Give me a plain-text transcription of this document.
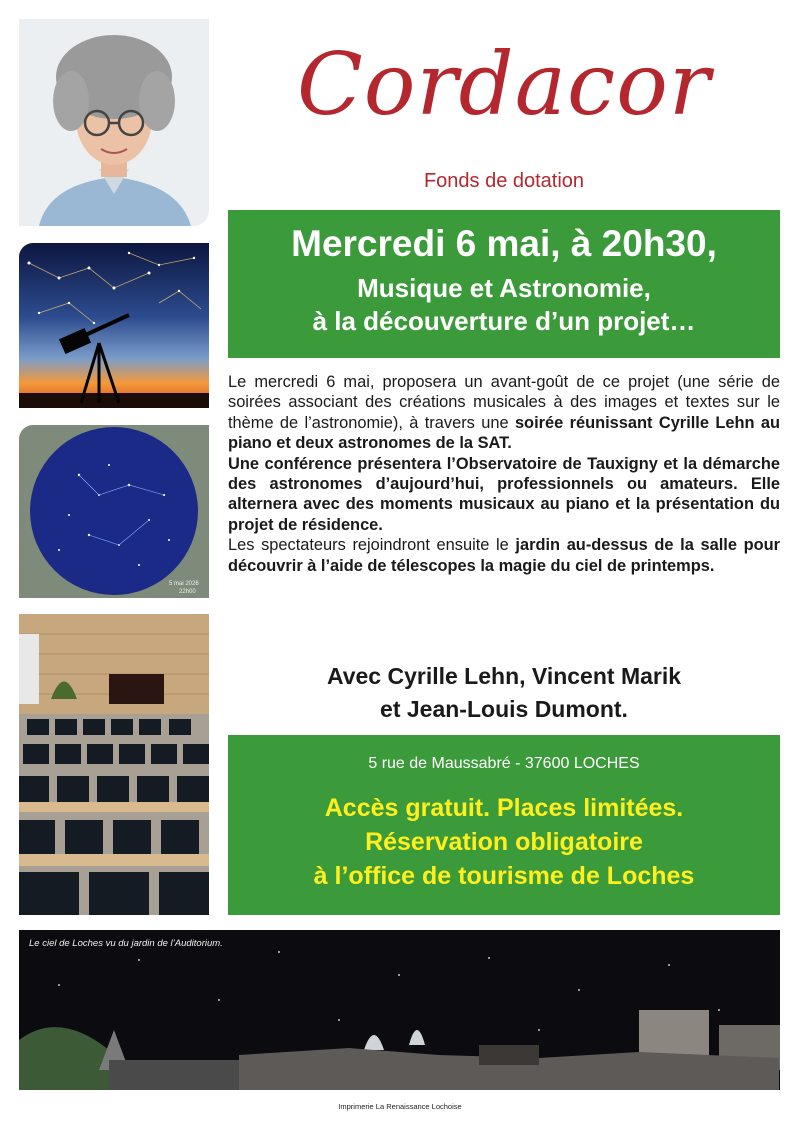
5 mai 2026
22h00
Cordacor
Fonds de dotation
Mercredi 6 mai, à 20h30,
Musique et Astronomie,
à la découverture d’un projet…

Le mercredi 6 mai, proposera un avant-goût de ce projet (une série de soirées associant des créations musicales à des images et textes sur le thème de l’astronomie), à travers une soirée réunissant Cyrille Lehn au piano et deux astronomes de la SAT.

Une conférence présentera l’Observatoire de Tauxigny et la démarche des astronomes d’aujourd’hui, professionnels ou amateurs. Elle alternera avec des moments musicaux au piano et la présentation du projet de résidence.

Les spectateurs rejoindront ensuite le jardin au-dessus de la salle pour découvrir à l’aide de télescopes la magie du ciel de printemps.

Avec Cyrille Lehn, Vincent Marik
et Jean-Louis Dumont.
5 rue de Maussabré - 37600 LOCHES
Accès gratuit. Places limitées.
Réservation obligatoire
à l’office de tourisme de Loches
Le ciel de Loches vu du jardin de l’Auditorium.
Imprimerie La Renaissance Lochoise
